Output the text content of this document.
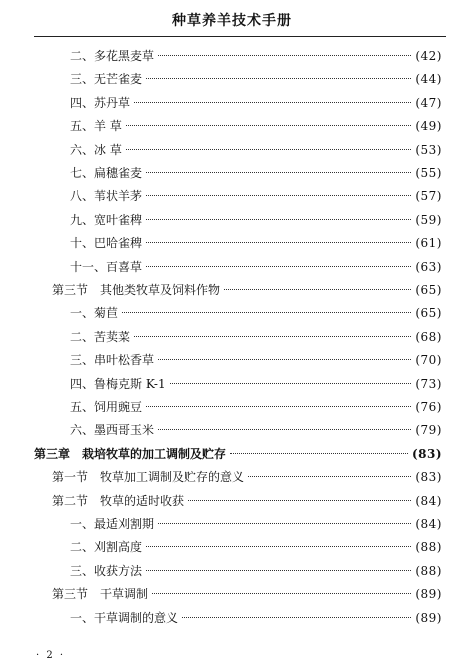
种草养羊技术手册
二、多花黑麦草	(42)
三、无芒雀麦	(44)
四、苏丹草	(47)
五、羊 草	(49)
六、冰 草	(53)
七、扁穗雀麦	(55)
八、苇状羊茅	(57)
九、宽叶雀稗	(59)
十、巴哈雀稗	(61)
十一、百喜草	(63)
第三节　其他类牧草及饲料作物	(65)
一、菊苣	(65)
二、苦荬菜	(68)
三、串叶松香草	(70)
四、鲁梅克斯 K-1	(73)
五、饲用豌豆	(76)
六、墨西哥玉米	(79)
第三章　栽培牧草的加工调制及贮存	(83)
第一节　牧草加工调制及贮存的意义	(83)
第二节　牧草的适时收获	(84)
一、最适刈割期	(84)
二、刈割高度	(88)
三、收获方法	(88)
第三节　干草调制	(89)
一、干草调制的意义	(89)
· 2 ·
